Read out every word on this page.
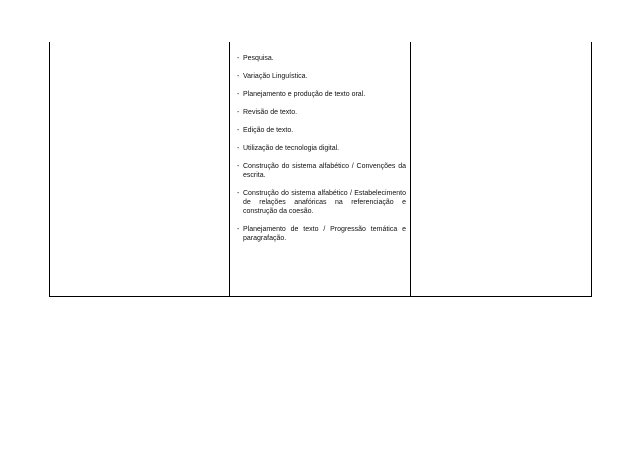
- Pesquisa.
- Variação Linguística.
- Planejamento e produção de texto oral.
- Revisão de texto.
- Edição de texto.
- Utilização de tecnologia digital.
- Construção do sistema alfabético / Convenções da escrita.
- Construção do sistema alfabético / Estabelecimento de relações anafóricas na referenciação e construção da coesão.
- Planejamento de texto / Progressão temática e paragrafação.
